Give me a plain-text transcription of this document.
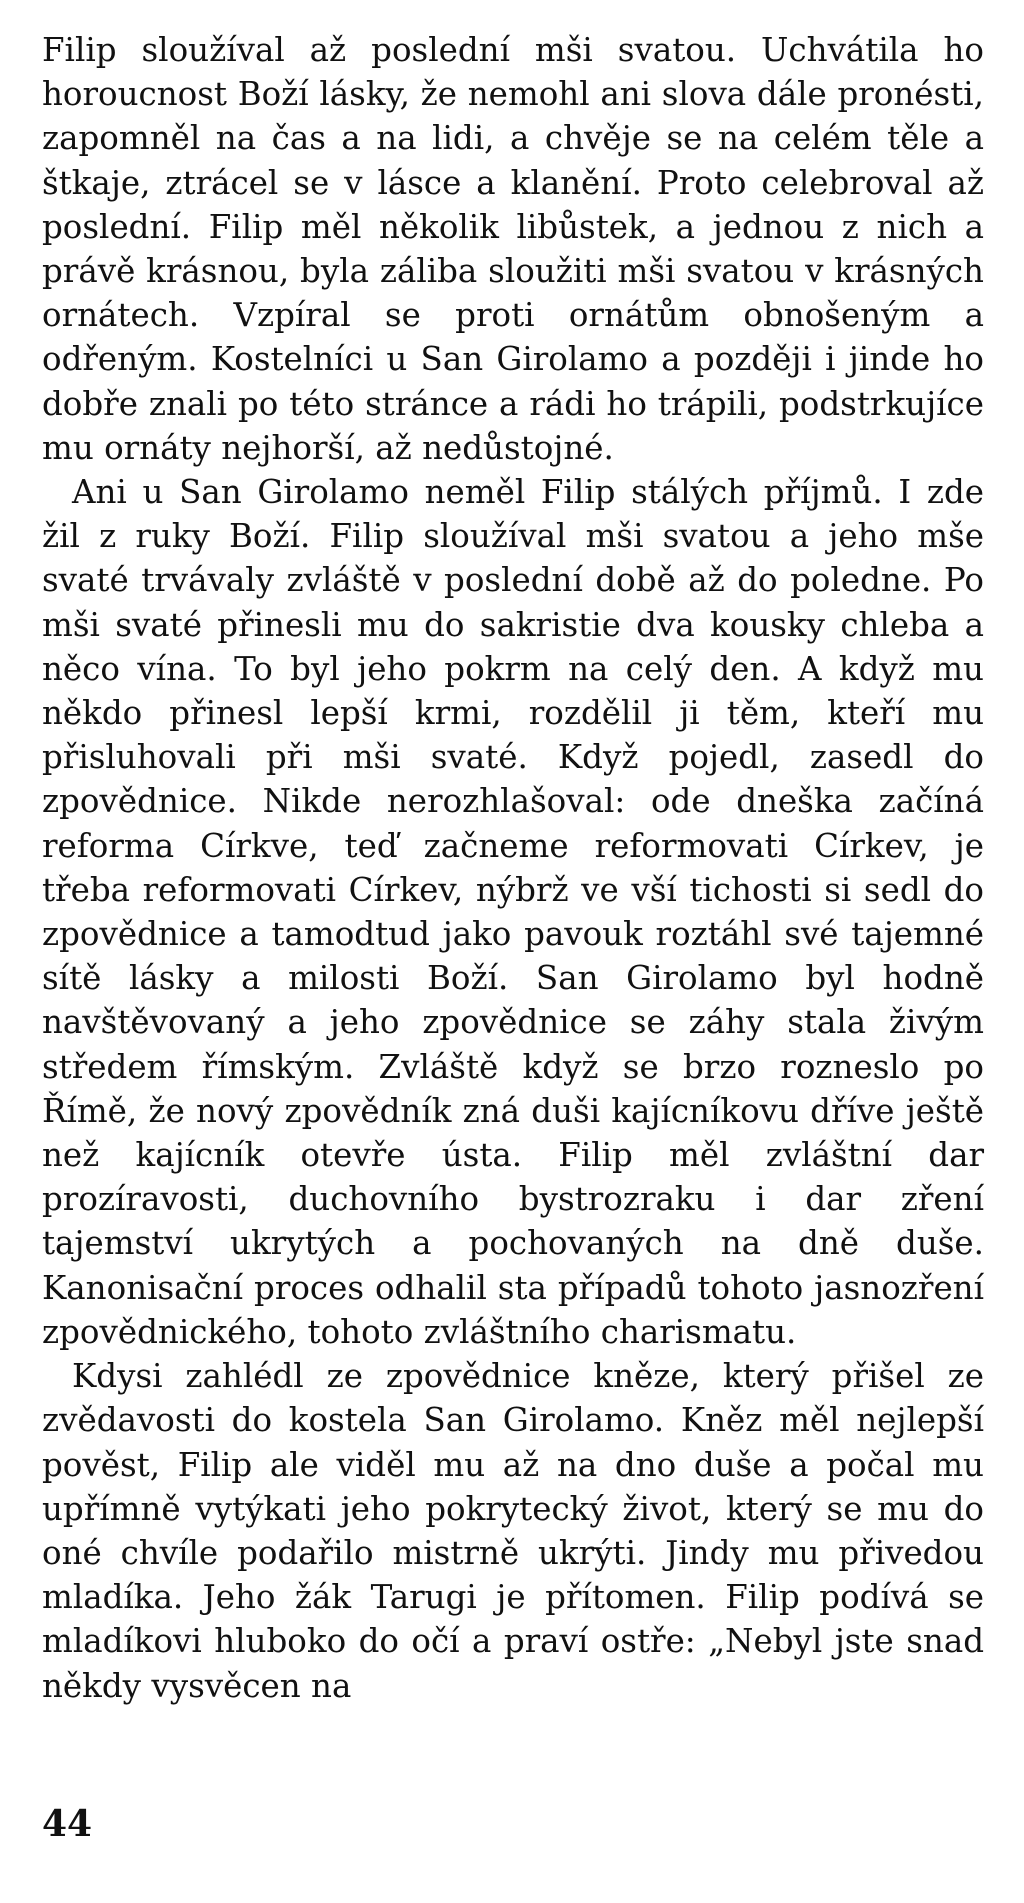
Filip sloužíval až poslední mši svatou. Uchvátila ho horoucnost Boží lásky, že nemohl ani slova dále pronésti, zapomněl na čas a na lidi, a chvěje se na celém těle a štkaje, ztrácel se v lásce a klanění. Proto celebroval až poslední. Filip měl několik libůstek, a jednou z nich a právě krásnou, byla záliba sloužiti mši svatou v krásných ornátech. Vzpíral se proti ornátům obnošeným a odřeným. Kostelníci u San Girolamo a později i jinde ho dobře znali po této stránce a rádi ho trápili, podstrkujíce mu ornáty nejhorší, až nedůstojné.

Ani u San Girolamo neměl Filip stálých příjmů. I zde žil z ruky Boží. Filip sloužíval mši svatou a jeho mše svaté trvávaly zvláště v poslední době až do poledne. Po mši svaté přinesli mu do sakristie dva kousky chleba a něco vína. To byl jeho pokrm na celý den. A když mu někdo přinesl lepší krmi, rozdělil ji těm, kteří mu přisluhovali při mši svaté. Když pojedl, zasedl do zpovědnice. Nikde nerozhlašoval: ode dneška začíná reforma Církve, teď začneme reformovati Církev, je třeba reformovati Církev, nýbrž ve vší tichosti si sedl do zpovědnice a tamodtud jako pavouk roztáhl své tajemné sítě lásky a milosti Boží. San Girolamo byl hodně navštěvovaný a jeho zpovědnice se záhy stala živým středem římským. Zvláště když se brzo rozneslo po Římě, že nový zpovědník zná duši kajícníkovu dříve ještě než kajícník otevře ústa. Filip měl zvláštní dar prozíravosti, duchovního bystrozraku i dar zření tajemství ukrytých a pochovaných na dně duše. Kanonisační proces odhalil sta případů tohoto jasnozření zpovědnického, tohoto zvláštního charismatu.

Kdysi zahlédl ze zpovědnice kněze, který přišel ze zvědavosti do kostela San Girolamo. Kněz měl nejlepší pověst, Filip ale viděl mu až na dno duše a počal mu upřímně vytýkati jeho pokrytecký život, který se mu do oné chvíle podařilo mistrně ukrýti. Jindy mu přivedou mladíka. Jeho žák Tarugi je přítomen. Filip podívá se mladíkovi hluboko do očí a praví ostře: „Nebyl jste snad někdy vysvěcen na

44
